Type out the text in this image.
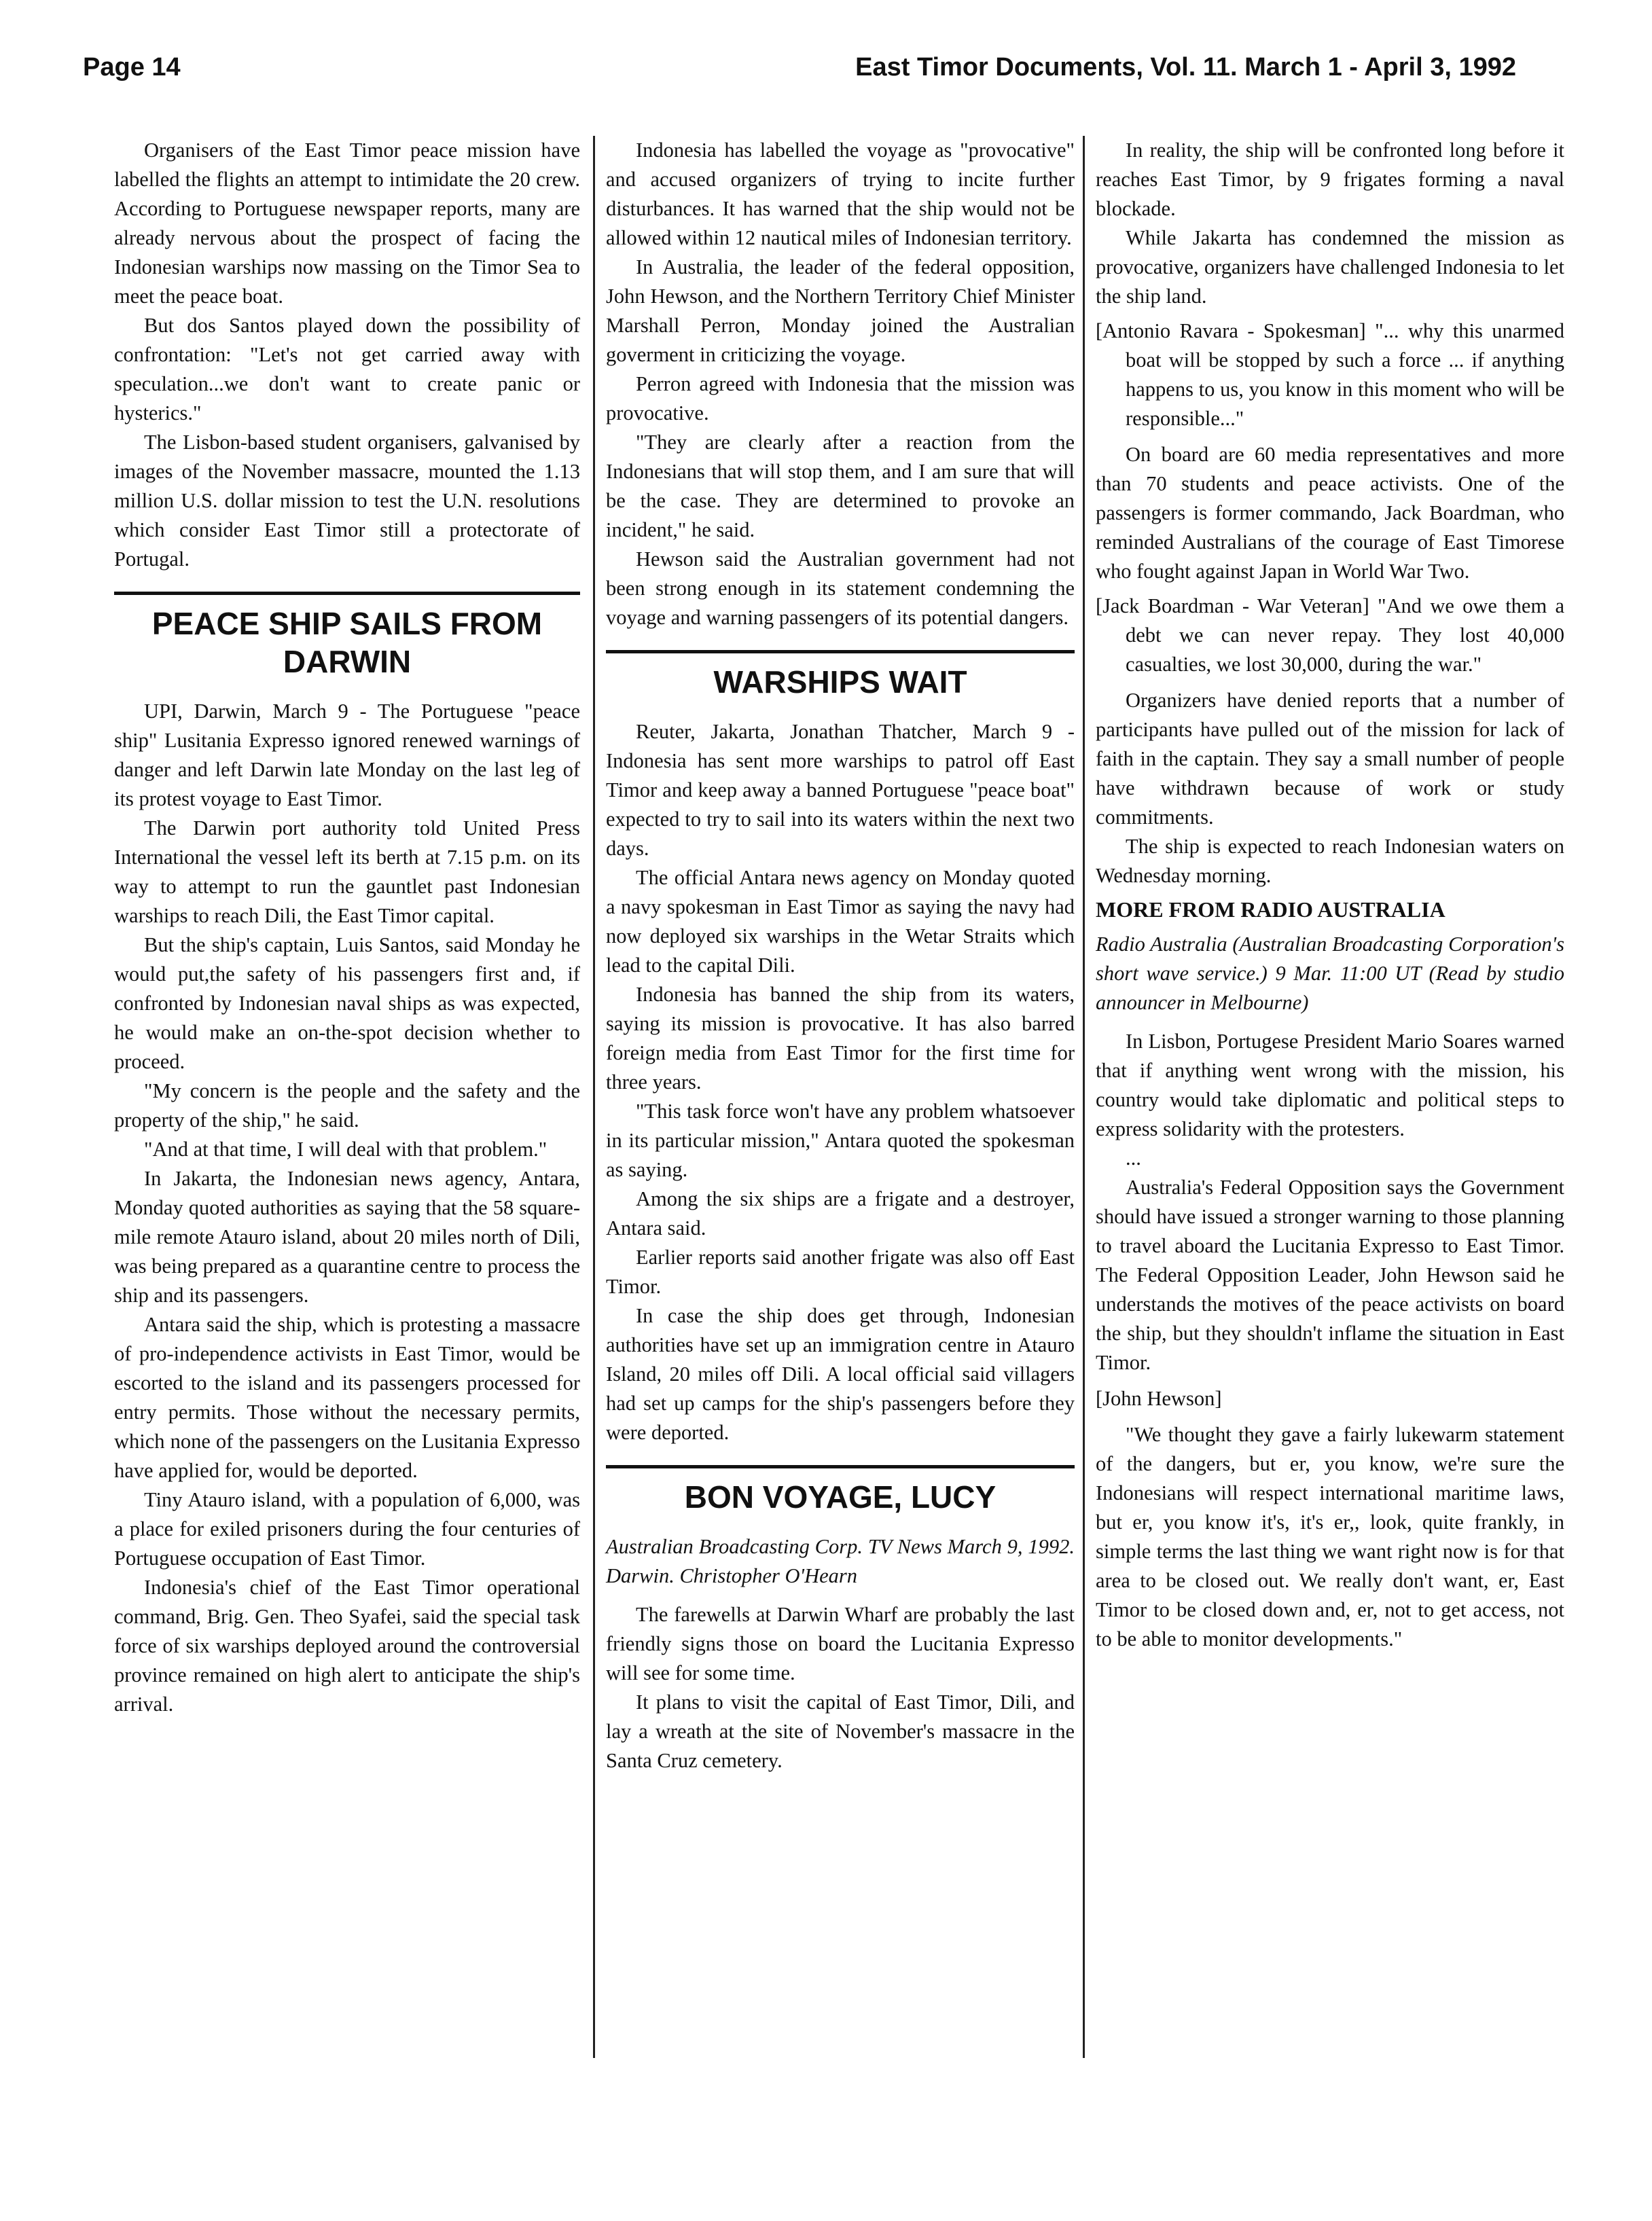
Page 14	East Timor Documents, Vol. 11. March 1 - April 3, 1992

Organisers of the East Timor peace mission have labelled the flights an attempt to intimidate the 20 crew. According to Portuguese newspaper reports, many are already nervous about the prospect of facing the Indonesian warships now massing on the Timor Sea to meet the peace boat.

But dos Santos played down the possibility of confrontation: "Let's not get carried away with speculation...we don't want to create panic or hysterics."

The Lisbon-based student organisers, galvanised by images of the November massacre, mounted the 1.13 million U.S. dollar mission to test the U.N. resolutions which consider East Timor still a protectorate of Portugal.

PEACE SHIP SAILS FROM DARWIN

UPI, Darwin, March 9 - The Portuguese "peace ship" Lusitania Expresso ignored renewed warnings of danger and left Darwin late Monday on the last leg of its protest voyage to East Timor.

The Darwin port authority told United Press International the vessel left its berth at 7.15 p.m. on its way to attempt to run the gauntlet past Indonesian warships to reach Dili, the East Timor capital.

But the ship's captain, Luis Santos, said Monday he would put,the safety of his passengers first and, if confronted by Indonesian naval ships as was expected, he would make an on-the-spot decision whether to proceed.

"My concern is the people and the safety and the property of the ship," he said.

"And at that time, I will deal with that problem."

In Jakarta, the Indonesian news agency, Antara, Monday quoted authorities as saying that the 58 square-mile remote Atauro island, about 20 miles north of Dili, was being prepared as a quarantine centre to process the ship and its passengers.

Antara said the ship, which is protesting a massacre of pro-independence activists in East Timor, would be escorted to the island and its passengers processed for entry permits. Those without the necessary permits, which none of the passengers on the Lusitania Expresso have applied for, would be deported.

Tiny Atauro island, with a population of 6,000, was a place for exiled prisoners during the four centuries of Portuguese occupation of East Timor.

Indonesia's chief of the East Timor operational command, Brig. Gen. Theo Syafei, said the special task force of six warships deployed around the controversial province remained on high alert to anticipate the ship's arrival.

Indonesia has labelled the voyage as "provocative" and accused organizers of trying to incite further disturbances. It has warned that the ship would not be allowed within 12 nautical miles of Indonesian territory.

In Australia, the leader of the federal opposition, John Hewson, and the Northern Territory Chief Minister Marshall Perron, Monday joined the Australian goverment in criticizing the voyage.

Perron agreed with Indonesia that the mission was provocative.

"They are clearly after a reaction from the Indonesians that will stop them, and I am sure that will be the case. They are determined to provoke an incident," he said.

Hewson said the Australian government had not been strong enough in its statement condemning the voyage and warning passengers of its potential dangers.

WARSHIPS WAIT

Reuter, Jakarta, Jonathan Thatcher, March 9 - Indonesia has sent more warships to patrol off East Timor and keep away a banned Portuguese "peace boat" expected to try to sail into its waters within the next two days.

The official Antara news agency on Monday quoted a navy spokesman in East Timor as saying the navy had now deployed six warships in the Wetar Straits which lead to the capital Dili.

Indonesia has banned the ship from its waters, saying its mission is provocative. It has also barred foreign media from East Timor for the first time for three years.

"This task force won't have any problem whatsoever in its particular mission," Antara quoted the spokesman as saying.

Among the six ships are a frigate and a destroyer, Antara said.

Earlier reports said another frigate was also off East Timor.

In case the ship does get through, Indonesian authorities have set up an immigration centre in Atauro Island, 20 miles off Dili. A local official said villagers had set up camps for the ship's passengers before they were deported.

BON VOYAGE, LUCY

Australian Broadcasting Corp. TV News March 9, 1992. Darwin. Christopher O'Hearn

The farewells at Darwin Wharf are probably the last friendly signs those on board the Lucitania Expresso will see for some time.

It plans to visit the capital of East Timor, Dili, and lay a wreath at the site of November's massacre in the Santa Cruz cemetery.

In reality, the ship will be confronted long before it reaches East Timor, by 9 frigates forming a naval blockade.

While Jakarta has condemned the mission as provocative, organizers have challenged Indonesia to let the ship land.

[Antonio Ravara - Spokesman] "... why this unarmed boat will be stopped by such a force ... if anything happens to us, you know in this moment who will be responsible..."

On board are 60 media representatives and more than 70 students and peace activists. One of the passengers is former commando, Jack Boardman, who reminded Australians of the courage of East Timorese who fought against Japan in World War Two.

[Jack Boardman - War Veteran] "And we owe them a debt we can never repay. They lost 40,000 casualties, we lost 30,000, during the war."

Organizers have denied reports that a number of participants have pulled out of the mission for lack of faith in the captain. They say a small number of people have withdrawn because of work or study commitments.

The ship is expected to reach Indonesian waters on Wednesday morning.

MORE FROM RADIO AUSTRALIA

Radio Australia (Australian Broadcasting Corporation's short wave service.) 9 Mar. 11:00 UT (Read by studio announcer in Melbourne)

In Lisbon, Portugese President Mario Soares warned that if anything went wrong with the mission, his country would take diplomatic and political steps to express solidarity with the protesters.

...

Australia's Federal Opposition says the Government should have issued a stronger warning to those planning to travel aboard the Lucitania Expresso to East Timor. The Federal Opposition Leader, John Hewson said he understands the motives of the peace activists on board the ship, but they shouldn't inflame the situation in East Timor.

[John Hewson]

"We thought they gave a fairly lukewarm statement of the dangers, but er, you know, we're sure the Indonesians will respect international maritime laws, but er, you know it's, it's er,, look, quite frankly, in simple terms the last thing we want right now is for that area to be closed out. We really don't want, er, East Timor to be closed down and, er, not to get access, not to be able to monitor developments."
